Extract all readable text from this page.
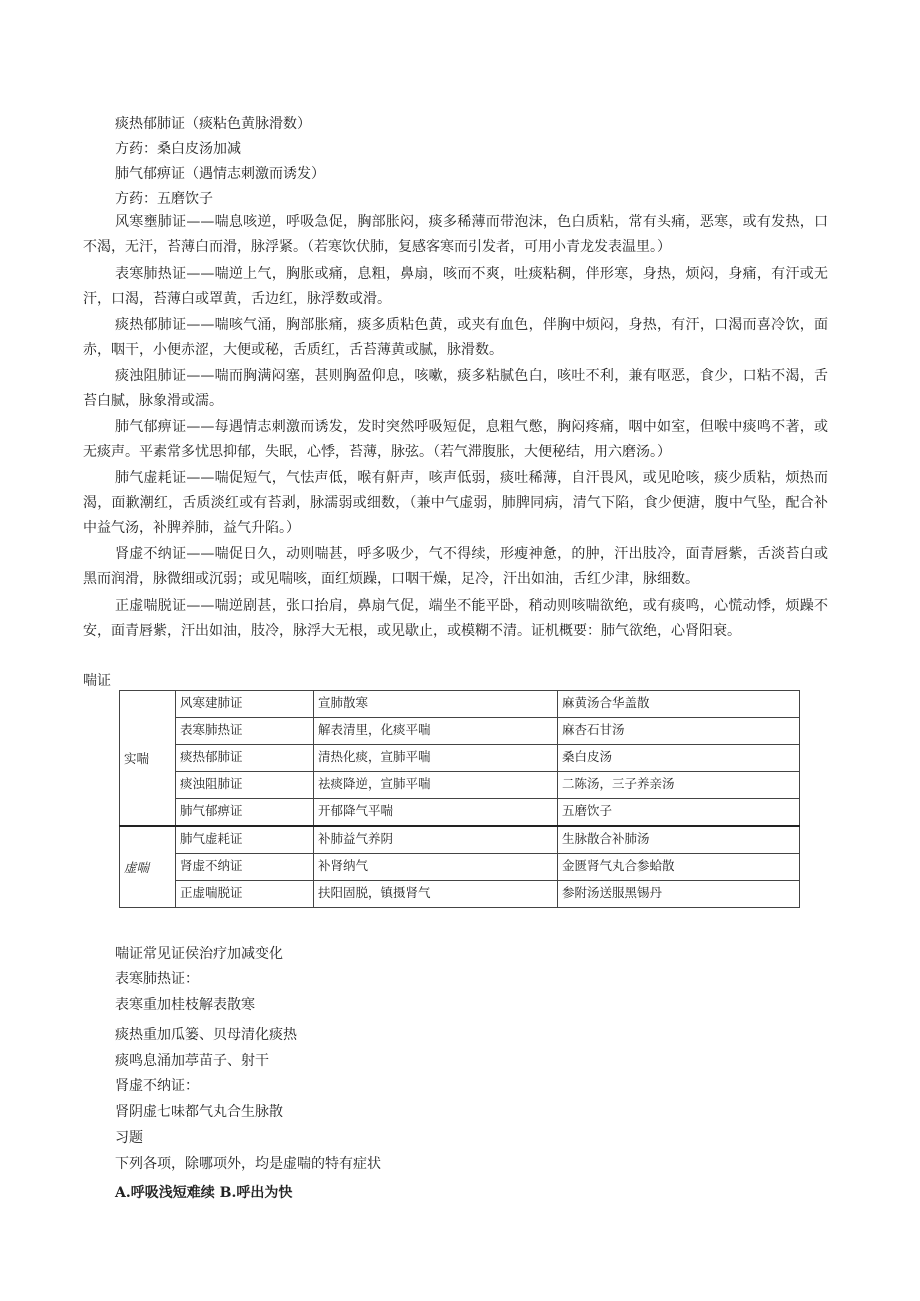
痰热郁肺证（痰粘色黄脉滑数）
方药：桑白皮汤加减
肺气郁痹证（遇情志刺激而诱发）
方药：五磨饮子

风寒壅肺证——喘息咳逆，呼吸急促，胸部胀闷，痰多稀薄而带泡沫，色白质粘，常有头痛，恶寒，或有发热，口不渴，无汗，苔薄白而滑，脉浮紧。（若寒饮伏肺，复感客寒而引发者，可用小青龙发表温里。）

表寒肺热证——喘逆上气，胸胀或痛，息粗，鼻扇，咳而不爽，吐痰粘稠，伴形寒，身热，烦闷，身痛，有汗或无汗，口渴，苔薄白或罩黄，舌边红，脉浮数或滑。

痰热郁肺证——喘咳气涌，胸部胀痛，痰多质粘色黄，或夹有血色，伴胸中烦闷，身热，有汗，口渴而喜冷饮，面赤，咽干，小便赤涩，大便或秘，舌质红，舌苔薄黄或腻，脉滑数。

痰浊阻肺证——喘而胸满闷塞，甚则胸盈仰息，咳嗽，痰多粘腻色白，咳吐不利，兼有呕恶，食少，口粘不渴，舌苔白腻，脉象滑或濡。

肺气郁痹证——每遇情志刺激而诱发，发时突然呼吸短促，息粗气憋，胸闷疼痛，咽中如室，但喉中痰鸣不著，或无痰声。平素常多忧思抑郁，失眠，心悸，苔薄，脉弦。（若气滞腹胀，大便秘结，用六磨汤。）

肺气虚耗证——喘促短气，气怯声低，喉有鼾声，咳声低弱，痰吐稀薄，自汗畏风，或见呛咳，痰少质粘，烦热而渴，面歉潮红，舌质淡红或有苔剥，脉濡弱或细数，（兼中气虚弱，肺脾同病，清气下陷，食少便溏，腹中气坠，配合补中益气汤，补脾养肺，益气升陷。）

肾虚不纳证——喘促日久，动则喘甚，呼多吸少，气不得续，形瘦神惫，的肿，汗出肢冷，面青唇紫，舌淡苔白或黑而润滑，脉微细或沉弱；或见喘咳，面红烦躁，口咽干燥，足冷，汗出如油，舌红少津，脉细数。

正虚喘脱证——喘逆剧甚，张口抬肩，鼻扇气促，端坐不能平卧，稍动则咳喘欲绝，或有痰鸣，心慌动悸，烦躁不安，面青唇紫，汗出如油，肢冷，脉浮大无根，或见歇止，或模糊不清。证机概要：肺气欲绝，心肾阳衰。

喘证
实喘	风寒建肺证	宣肺散寒	麻黄汤合华盖散
	表寒肺热证	解表清里，化痰平喘	麻杏石甘汤
	痰热郁肺证	清热化痰，宣肺平喘	桑白皮汤
	痰浊阻肺证	祛痰降逆，宣肺平喘	二陈汤，三子养亲汤
	肺气郁痹证	开郁降气平喘	五磨饮子
虚喘	肺气虚耗证	补肺益气养阴	生脉散合补肺汤
	肾虚不纳证	补肾纳气	金匮肾气丸合参蛤散
	正虚喘脱证	扶阳固脱，镇摄肾气	参附汤送服黑锡丹
喘证常见证侯治疗加减变化
表寒肺热证：
表寒重加桂枝解表散寒
痰热重加瓜篓、贝母清化痰热
痰鸣息涌加葶苗子、射干
肾虚不纳证：
肾阴虚七味都气丸合生脉散
习题
下列各项，除哪项外，均是虚喘的特有症状
A.呼吸浅短难续 B.呼出为快
